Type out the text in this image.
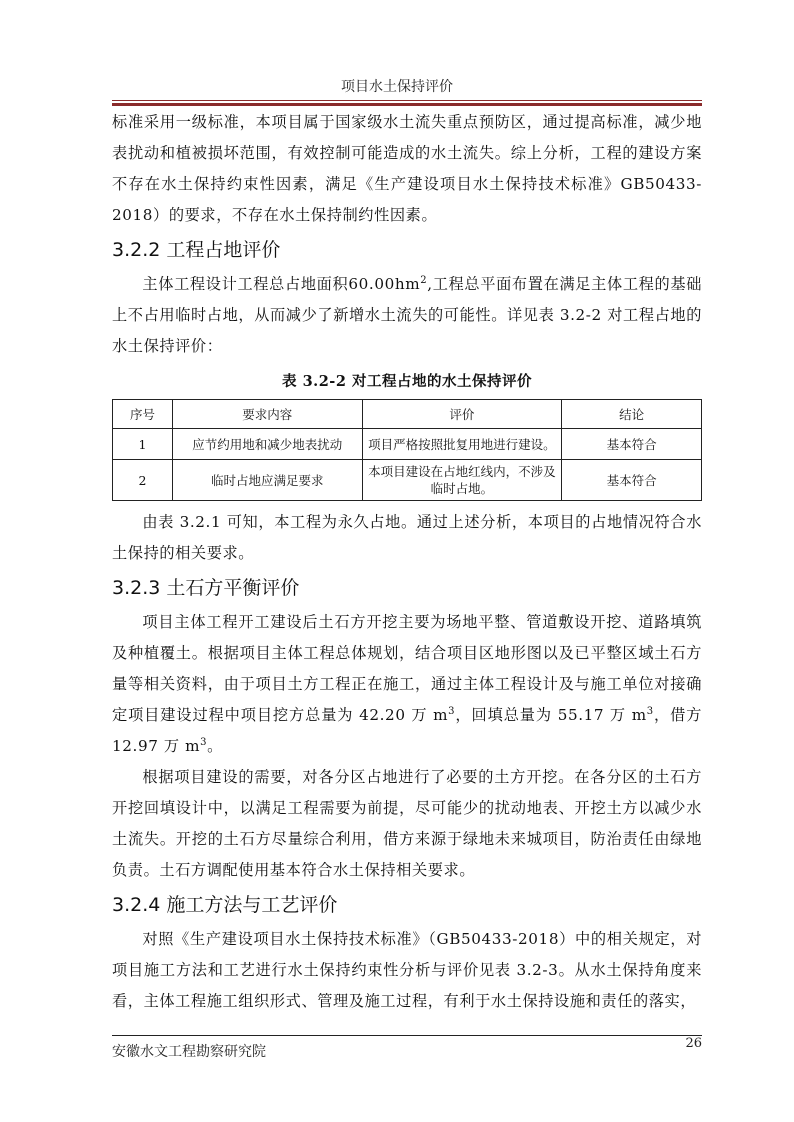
项目水土保持评价

标准采用一级标准，本项目属于国家级水土流失重点预防区，通过提高标准，减少地表扰动和植被损坏范围，有效控制可能造成的水土流失。综上分析，工程的建设方案不存在水土保持约束性因素，满足《生产建设项目水土保持技术标准》GB50433-2018）的要求，不存在水土保持制约性因素。

3.2.2 工程占地评价

主体工程设计工程总占地面积$60.00hm^2$,工程总平面布置在满足主体工程的基础上不占用临时占地，从而减少了新增水土流失的可能性。详见表 3.2-2 对工程占地的水土保持评价：

表 3.2-2 对工程占地的水土保持评价
序号	要求内容	评价	结论
1	应节约用地和减少地表扰动	项目严格按照批复用地进行建设。	基本符合
2	临时占地应满足要求	本项目建设在占地红线内，不涉及临时占地。	基本符合

由表 3.2.1 可知，本工程为永久占地。通过上述分析，本项目的占地情况符合水土保持的相关要求。

3.2.3 土石方平衡评价

项目主体工程开工建设后土石方开挖主要为场地平整、管道敷设开挖、道路填筑及种植覆土。根据项目主体工程总体规划，结合项目区地形图以及已平整区域土石方量等相关资料，由于项目土方工程正在施工，通过主体工程设计及与施工单位对接确定项目建设过程中项目挖方总量为 42.20 万 $m^3$，回填总量为 55.17 万 $m^3$，借方 12.97 万 $m^3$。

根据项目建设的需要，对各分区占地进行了必要的土方开挖。在各分区的土石方开挖回填设计中，以满足工程需要为前提，尽可能少的扰动地表、开挖土方以减少水土流失。开挖的土石方尽量综合利用，借方来源于绿地未来城项目，防治责任由绿地负责。土石方调配使用基本符合水土保持相关要求。

3.2.4 施工方法与工艺评价

对照《生产建设项目水土保持技术标准》（GB50433-2018）中的相关规定，对项目施工方法和工艺进行水土保持约束性分析与评价见表 3.2-3。从水土保持角度来看，主体工程施工组织形式、管理及施工过程，有利于水土保持设施和责任的落实，

安徽水文工程勘察研究院
26
